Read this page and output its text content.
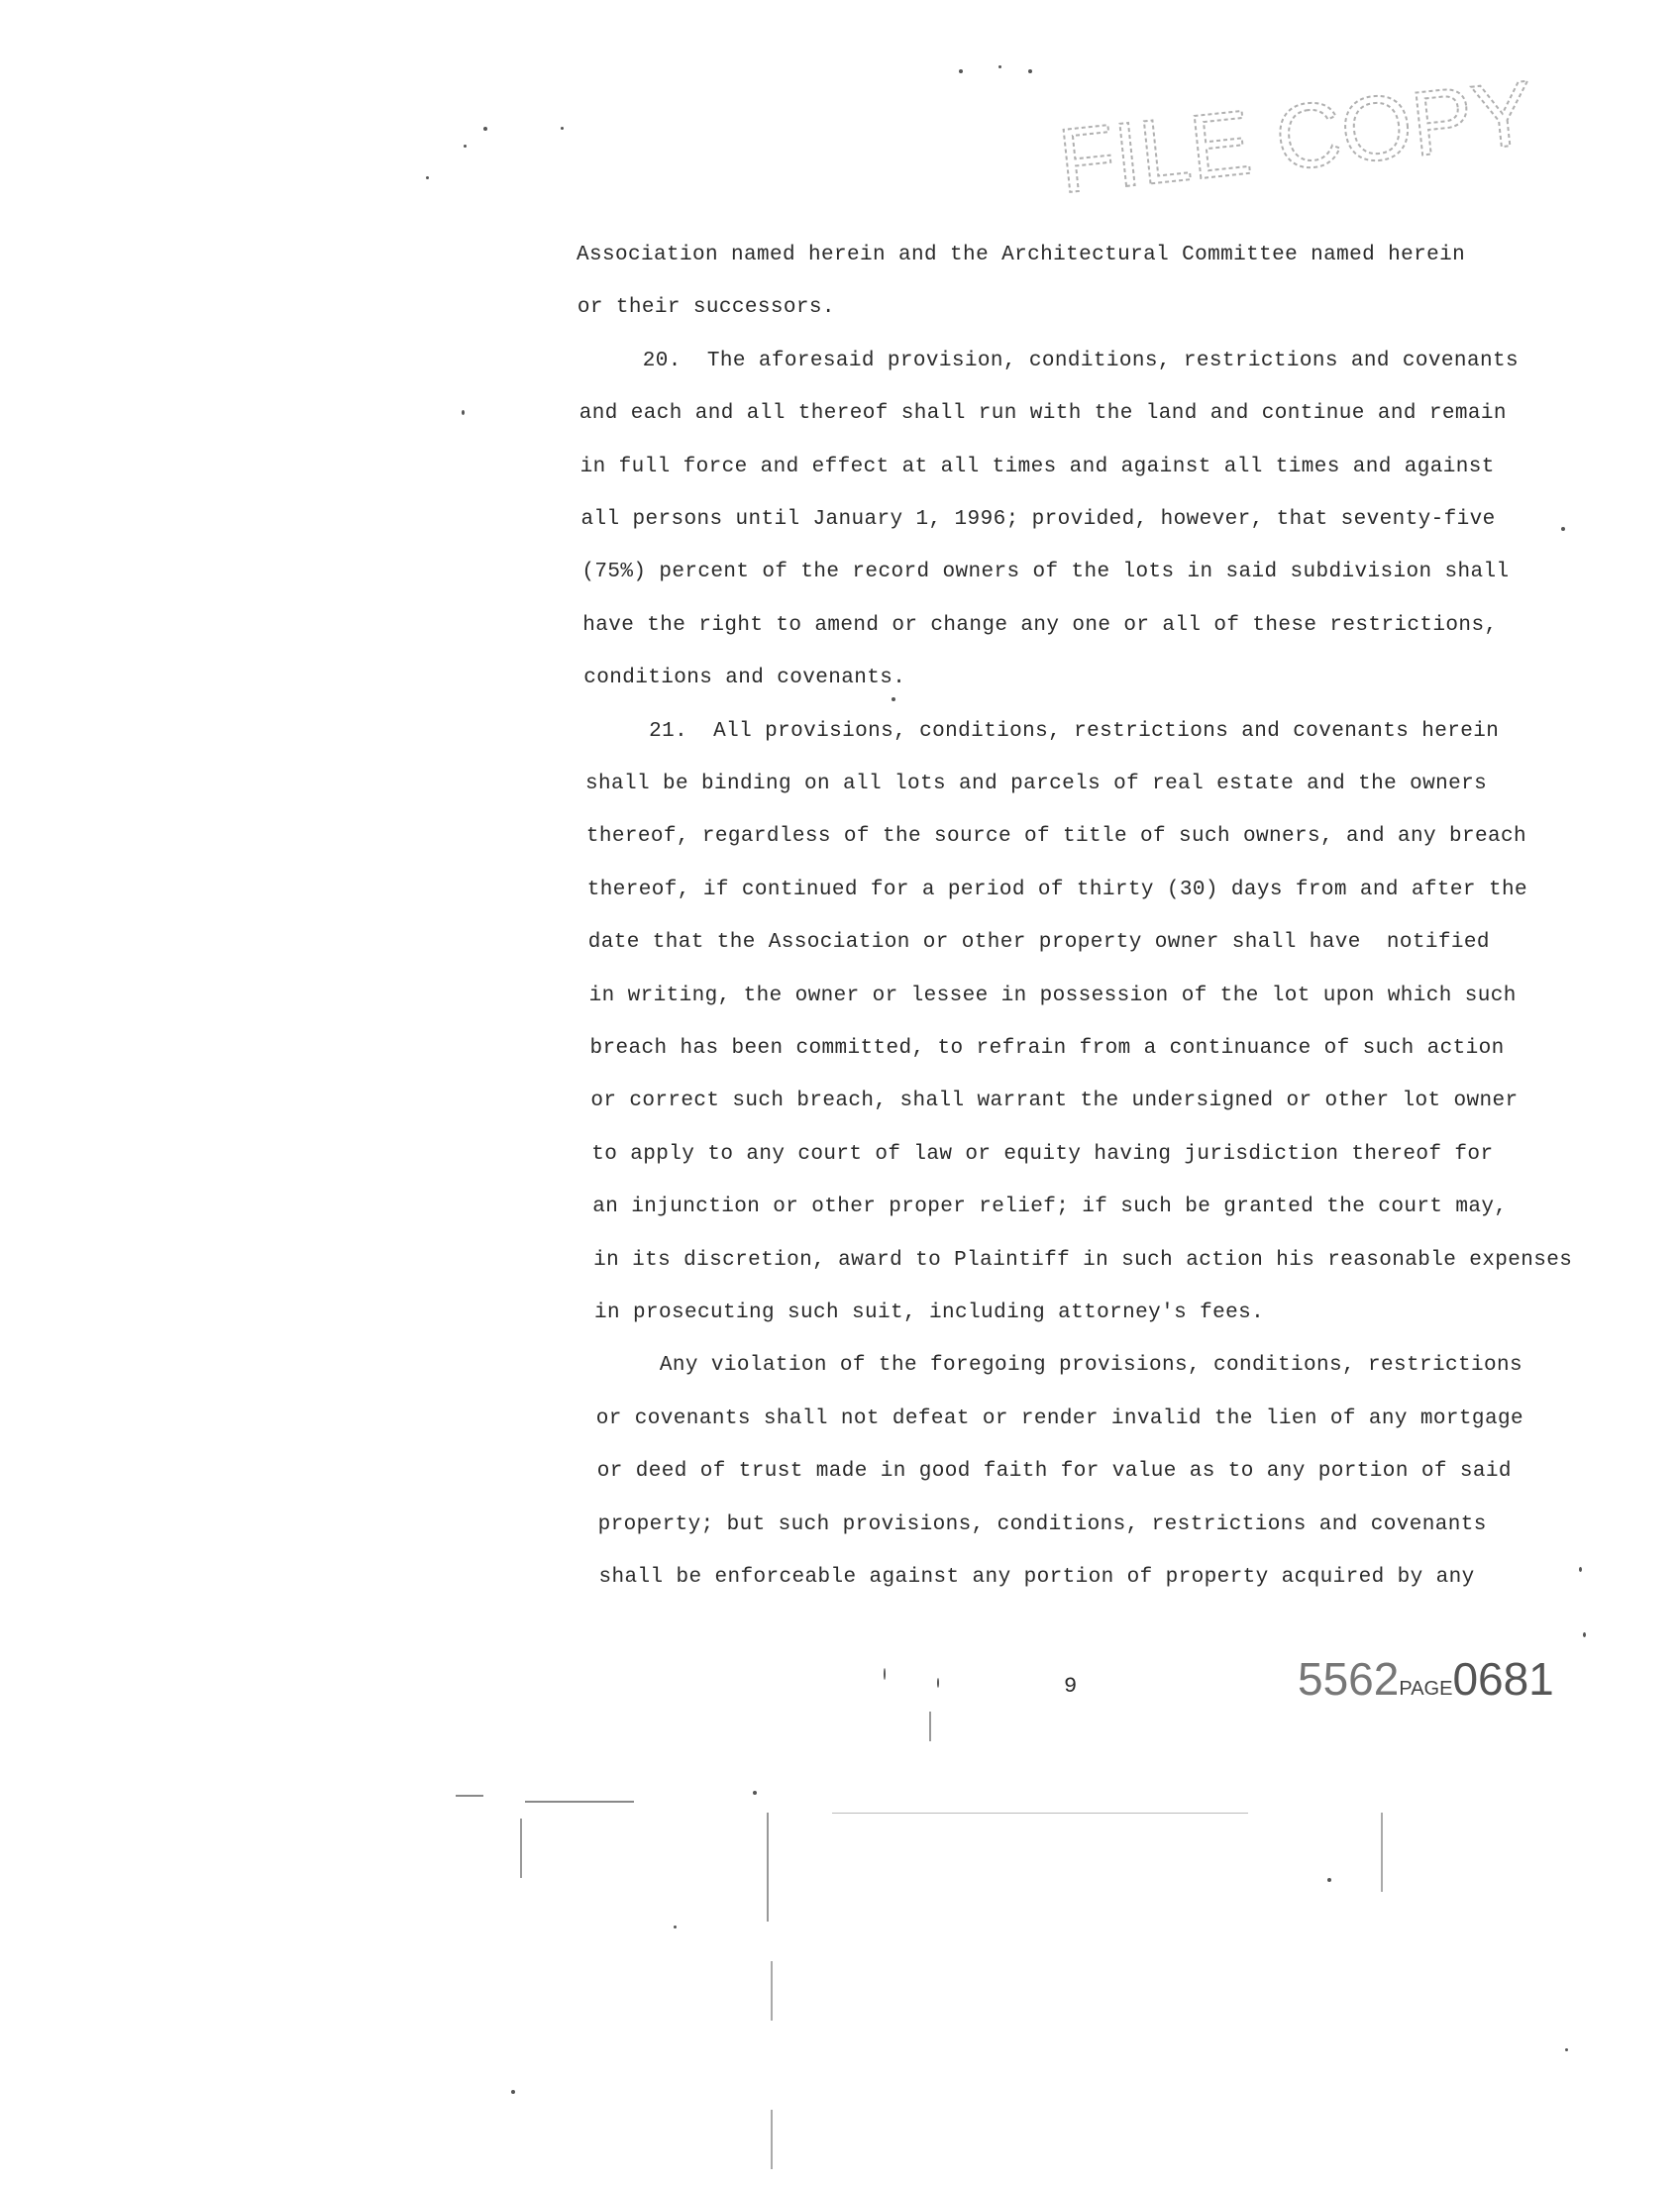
FILE COPY
Association named herein and the Architectural Committee named herein
or their successors.
20.  The aforesaid provision, conditions, restrictions and covenants
and each and all thereof shall run with the land and continue and remain
in full force and effect at all times and against all times and against
all persons until January 1, 1996; provided, however, that seventy-five
(75%) percent of the record owners of the lots in said subdivision shall
have the right to amend or change any one or all of these restrictions,
conditions and covenants.
21.  All provisions, conditions, restrictions and covenants herein
shall be binding on all lots and parcels of real estate and the owners
thereof, regardless of the source of title of such owners, and any breach
thereof, if continued for a period of thirty (30) days from and after the
date that the Association or other property owner shall have  notified
in writing, the owner or lessee in possession of the lot upon which such
breach has been committed, to refrain from a continuance of such action
or correct such breach, shall warrant the undersigned or other lot owner
to apply to any court of law or equity having jurisdiction thereof for
an injunction or other proper relief; if such be granted the court may,
in its discretion, award to Plaintiff in such action his reasonable expenses
in prosecuting such suit, including attorney's fees.
Any violation of the foregoing provisions, conditions, restrictions
or covenants shall not defeat or render invalid the lien of any mortgage
or deed of trust made in good faith for value as to any portion of said
property; but such provisions, conditions, restrictions and covenants
shall be enforceable against any portion of property acquired by any
9	5562PAGE0681
